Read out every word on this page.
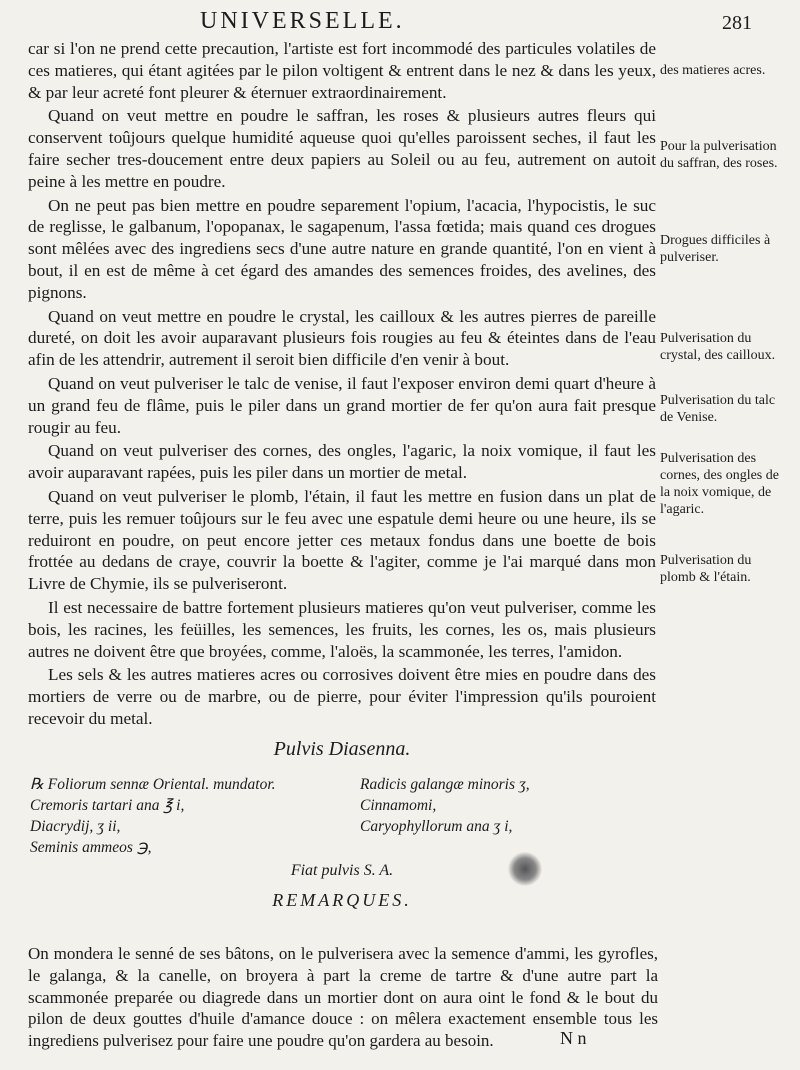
UNIVERSELLE.	281

car si l'on ne prend cette precaution, l'artiste est fort incommodé des particules volatiles de ces matieres, qui étant agitées par le pilon voltigent & entrent dans le nez & dans les yeux, & par leur acreté font pleurer & éternuer extraordinairement.

Quand on veut mettre en poudre le saffran, les roses & plusieurs autres fleurs qui conservent toûjours quelque humidité aqueuse quoi qu'elles paroissent seches, il faut les faire secher tres-doucement entre deux papiers au Soleil ou au feu, autrement on autoit peine à les mettre en poudre.

On ne peut pas bien mettre en poudre separement l'opium, l'acacia, l'hypocistis, le suc de reglisse, le galbanum, l'opopanax, le sagapenum, l'assa fœtida; mais quand ces drogues sont mêlées avec des ingrediens secs d'une autre nature en grande quantité, l'on en vient à bout, il en est de même à cet égard des amandes des semences froides, des avelines, des pignons.

Quand on veut mettre en poudre le crystal, les cailloux & les autres pierres de pareille dureté, on doit les avoir auparavant plusieurs fois rougies au feu & éteintes dans de l'eau afin de les attendrir, autrement il seroit bien difficile d'en venir à bout.

Quand on veut pulveriser le talc de venise, il faut l'exposer environ demi quart d'heure à un grand feu de flâme, puis le piler dans un grand mortier de fer qu'on aura fait presque rougir au feu.

Quand on veut pulveriser des cornes, des ongles, l'agaric, la noix vomique, il faut les avoir auparavant rapées, puis les piler dans un mortier de metal.

Quand on veut pulveriser le plomb, l'étain, il faut les mettre en fusion dans un plat de terre, puis les remuer toûjours sur le feu avec une espatule demi heure ou une heure, ils se reduiront en poudre, on peut encore jetter ces metaux fondus dans une boette de bois frottée au dedans de craye, couvrir la boette & l'agiter, comme je l'ai marqué dans mon Livre de Chymie, ils se pulveriseront.

Il est necessaire de battre fortement plusieurs matieres qu'on veut pulveriser, comme les bois, les racines, les feüilles, les semences, les fruits, les cornes, les os, mais plusieurs autres ne doivent être que broyées, comme, l'aloës, la scammonée, les terres, l'amidon.

Les sels & les autres matieres acres ou corrosives doivent être mies en poudre dans des mortiers de verre ou de marbre, ou de pierre, pour éviter l'impression qu'ils pouroient recevoir du metal.

des matieres acres.
Pour la pulverisation du saffran, des roses.
Drogues difficiles à pulveriser.
Pulverisation du crystal, des cailloux.
Pulverisation du talc de Venise.
Pulverisation des cornes, des ongles de la noix vomique, de l'agaric.
Pulverisation du plomb & l'étain.
Pulvis Diasenna.
℞ Foliorum sennæ Oriental. mundator.
Cremoris tartari ana ℥ i,
Diacrydij, ʒ ii,
Seminis ammeos ℈,
Radicis galangæ minoris ʒ,
Cinnamomi,
Caryophyllorum ana ʒ i,
Fiat pulvis S. A.
REMARQUES.

On mondera le senné de ses bâtons, on le pulverisera avec la semence d'ammi, les gyrofles, le galanga, & la canelle, on broyera à part la creme de tartre & d'une autre part la scammonée preparée ou diagrede dans un mortier dont on aura oint le fond & le bout du pilon de deux gouttes d'huile d'amance douce : on mêlera exactement ensemble tous les ingrediens pulverisez pour faire une poudre qu'on gardera au besoin.	N n
